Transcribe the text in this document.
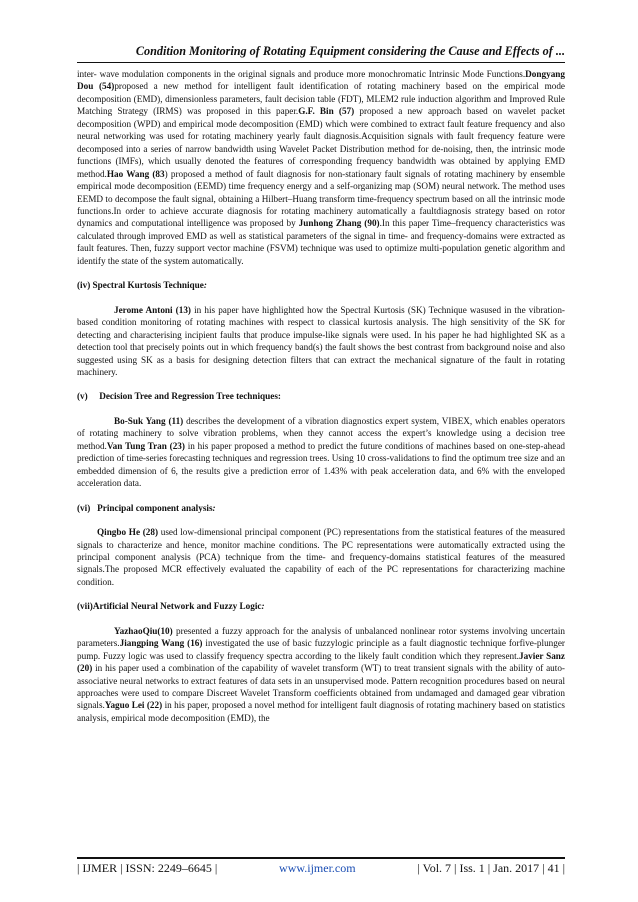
Condition Monitoring of Rotating Equipment considering the Cause and Effects of ...

inter- wave modulation components in the original signals and produce more monochromatic Intrinsic Mode Functions.Dongyang Dou (54)proposed a new method for intelligent fault identification of rotating machinery based on the empirical mode decomposition (EMD), dimensionless parameters, fault decision table (FDT), MLEM2 rule induction algorithm and Improved Rule Matching Strategy (IRMS) was proposed in this paper.G.F. Bin (57) proposed a new approach based on wavelet packet decomposition (WPD) and empirical mode decomposition (EMD) which were combined to extract fault feature frequency and also neural networking was used for rotating machinery yearly fault diagnosis.Acquisition signals with fault frequency feature were decomposed into a series of narrow bandwidth using Wavelet Packet Distribution method for de-noising, then, the intrinsic mode functions (IMFs), which usually denoted the features of corresponding frequency bandwidth was obtained by applying EMD method.Hao Wang (83) proposed a method of fault diagnosis for non-stationary fault signals of rotating machinery by ensemble empirical mode decomposition (EEMD) time frequency energy and a self-organizing map (SOM) neural network. The method uses EEMD to decompose the fault signal, obtaining a Hilbert–Huang transform time-frequency spectrum based on all the intrinsic mode functions.In order to achieve accurate diagnosis for rotating machinery automatically a faultdiagnosis strategy based on rotor dynamics and computational intelligence was proposed by Junhong Zhang (90).In this paper Time–frequency characteristics was calculated through improved EMD as well as statistical parameters of the signal in time- and frequency-domains were extracted as fault features. Then, fuzzy support vector machine (FSVM) technique was used to optimize multi-population genetic algorithm and identify the state of the system automatically.

(iv) Spectral Kurtosis Technique:

Jerome Antoni (13) in his paper have highlighted how the Spectral Kurtosis (SK) Technique wasused in the vibration-based condition monitoring of rotating machines with respect to classical kurtosis analysis. The high sensitivity of the SK for detecting and characterising incipient faults that produce impulse-like signals were used. In his paper he had highlighted SK as a detection tool that precisely points out in which frequency band(s) the fault shows the best contrast from background noise and also suggested using SK as a basis for designing detection filters that can extract the mechanical signature of the fault in rotating machinery.

(v)     Decision Tree and Regression Tree techniques:

Bo-Suk Yang (11) describes the development of a vibration diagnostics expert system, VIBEX, which enables operators of rotating machinery to solve vibration problems, when they cannot access the expert’s knowledge using a decision tree method.Van Tung Tran (23) in his paper proposed a method to predict the future conditions of machines based on one-step-ahead prediction of time-series forecasting techniques and regression trees. Using 10 cross-validations to find the optimum tree size and an embedded dimension of 6, the results give a prediction error of 1.43% with peak acceleration data, and 6% with the enveloped acceleration data.

(vi)   Principal component analysis:

Qingbo He (28) used low-dimensional principal component (PC) representations from the statistical features of the measured signals to characterize and hence, monitor machine conditions. The PC representations were automatically extracted using the principal component analysis (PCA) technique from the time- and frequency-domains statistical features of the measured signals.The proposed MCR effectively evaluated the capability of each of the PC representations for characterizing machine condition.

(vii)Artificial Neural Network and Fuzzy Logic:

YazhaoQiu(10) presented a fuzzy approach for the analysis of unbalanced nonlinear rotor systems involving uncertain parameters.Jiangping Wang (16) investigated the use of basic fuzzylogic principle as a fault diagnostic technique forfive-plunger pump. Fuzzy logic was used to classify frequency spectra according to the likely fault condition which they represent.Javier Sanz (20) in his paper used a combination of the capability of wavelet transform (WT) to treat transient signals with the ability of auto-associative neural networks to extract features of data sets in an unsupervised mode. Pattern recognition procedures based on neural approaches were used to compare Discreet Wavelet Transform coefficients obtained from undamaged and damaged gear vibration signals.Yaguo Lei (22) in his paper, proposed a novel method for intelligent fault diagnosis of rotating machinery based on statistics analysis, empirical mode decomposition (EMD), the

| IJMER | ISSN: 2249–6645 |	www.ijmer.com	| Vol. 7 | Iss. 1 | Jan. 2017 | 41 |
